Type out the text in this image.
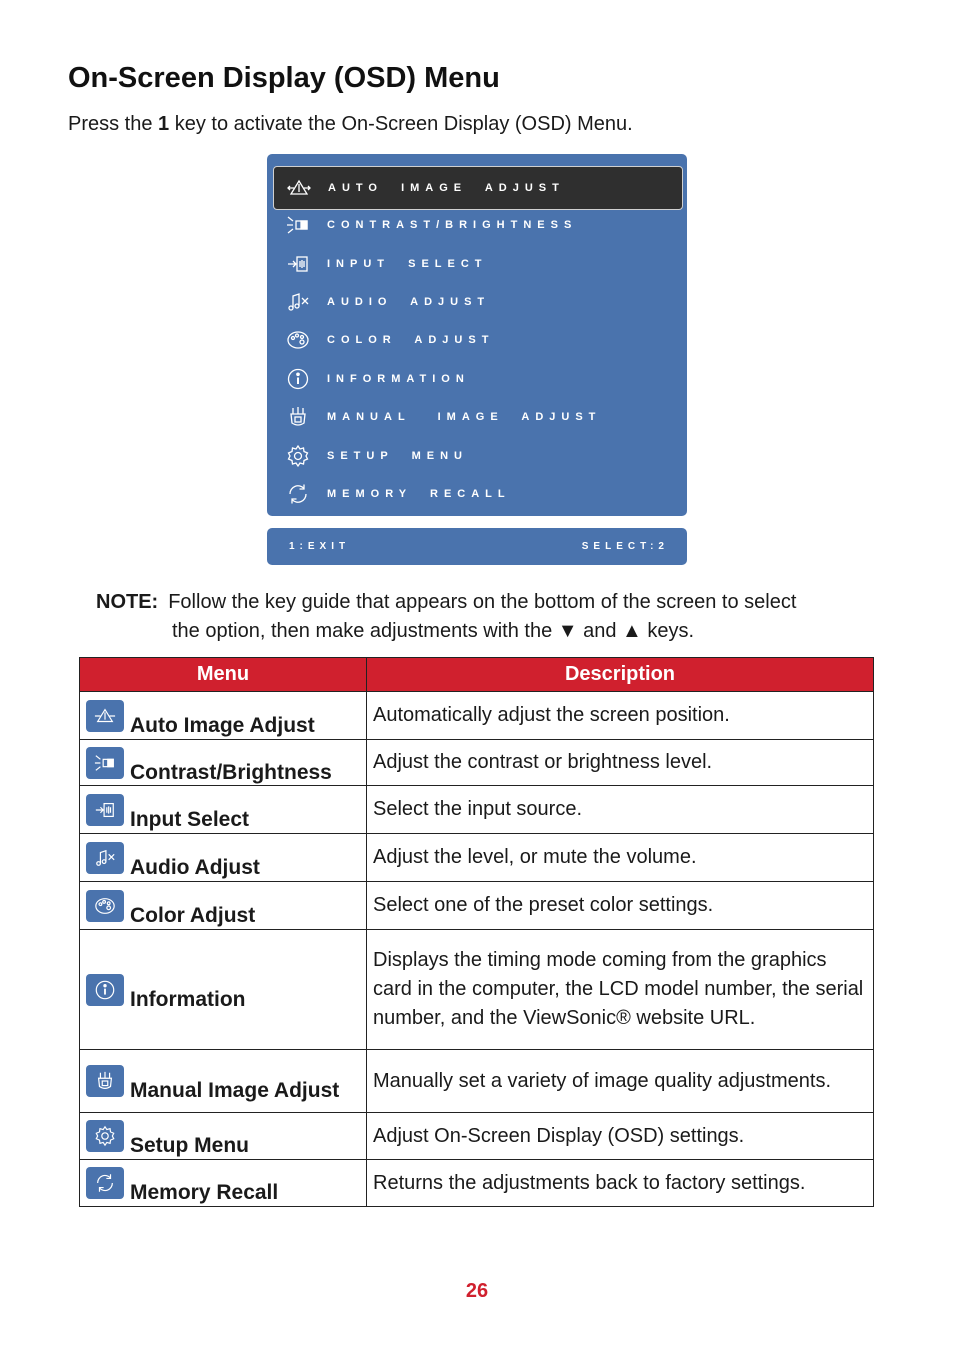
On-Screen Display (OSD) Menu
Press the 1 key to activate the On-Screen Display (OSD) Menu.
AUTO  IMAGE  ADJUST
CONTRAST/BRIGHTNESS
INPUT  SELECT
AUDIO  ADJUST
COLOR  ADJUST
INFORMATION
MANUAL   IMAGE  ADJUST
SETUP  MENU
MEMORY  RECALL
1:EXIT	SELECT:2
NOTE: Follow the key guide that appears on the bottom of the screen to select
the option, then make adjustments with the ▼ and ▲ keys.
Menu	Description

Auto Image Adjust	Automatically adjust the screen position.

Contrast/Brightness	Adjust the contrast or brightness level.

Input Select	Select the input source.

Audio Adjust	Adjust the level, or mute the volume.

Color Adjust	Select one of the preset color settings.

Information	Displays the timing mode coming from the graphics card in the computer, the LCD model number, the serial number, and the ViewSonic® website URL.

Manual Image Adjust	Manually set a variety of image quality adjustments.

Setup Menu	Adjust On-Screen Display (OSD) settings.

Memory Recall	Returns the adjustments back to factory settings.
26
